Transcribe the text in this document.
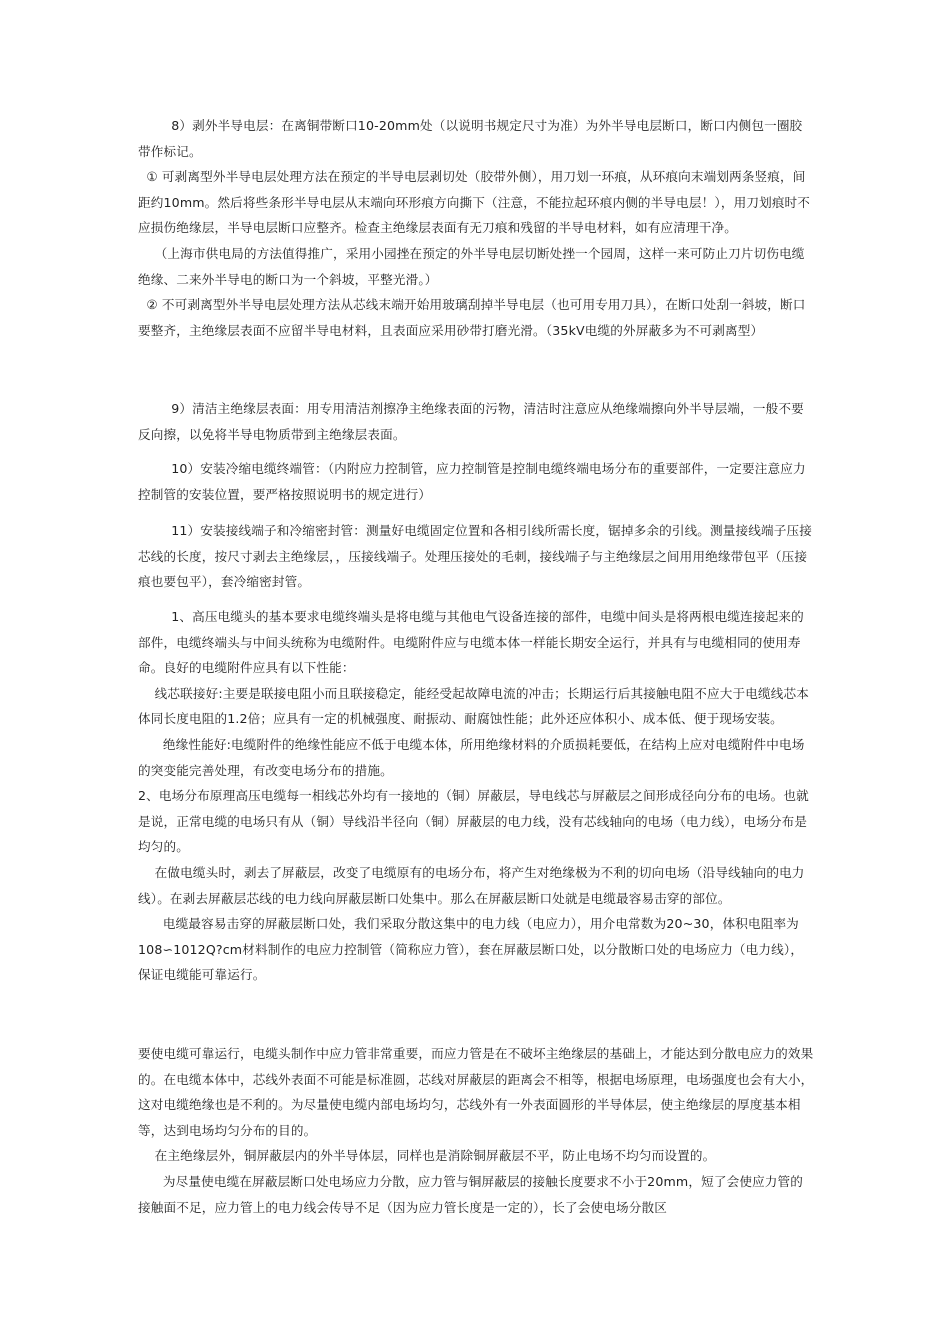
8）剥外半导电层：在离铜带断口10-20mm处（以说明书规定尺寸为准）为外半导电层断口，断口内侧包一圈胶带作标记。

① 可剥离型外半导电层处理方法在预定的半导电层剥切处（胶带外侧），用刀划一环痕，从环痕向末端划两条竖痕，间距约10mm。然后将些条形半导电层从末端向环形痕方向撕下（注意，不能拉起环痕内侧的半导电层！），用刀划痕时不应损伤绝缘层，半导电层断口应整齐。检查主绝缘层表面有无刀痕和残留的半导电材料，如有应清理干净。

（上海市供电局的方法值得推广，采用小园挫在预定的外半导电层切断处挫一个园周，这样一来可防止刀片切伤电缆绝缘、二来外半导电的断口为一个斜坡，平整光滑。）

② 不可剥离型外半导电层处理方法从芯线末端开始用玻璃刮掉半导电层（也可用专用刀具），在断口处刮一斜坡，断口要整齐，主绝缘层表面不应留半导电材料，且表面应采用砂带打磨光滑。（35kV电缆的外屏蔽多为不可剥离型）

9）清洁主绝缘层表面：用专用清洁剂擦净主绝缘表面的污物，清洁时注意应从绝缘端擦向外半导层端，一般不要反向擦，以免将半导电物质带到主绝缘层表面。

10）安装冷缩电缆终端管：（内附应力控制管，应力控制管是控制电缆终端电场分布的重要部件，一定要注意应力控制管的安装位置，要严格按照说明书的规定进行）

11）安装接线端子和冷缩密封管：测量好电缆固定位置和各相引线所需长度，锯掉多余的引线。测量接线端子压接芯线的长度，按尺寸剥去主绝缘层，，压接线端子。处理压接处的毛刺，接线端子与主绝缘层之间用用绝缘带包平（压接痕也要包平），套冷缩密封管。

1、高压电缆头的基本要求电缆终端头是将电缆与其他电气设备连接的部件，电缆中间头是将两根电缆连接起来的部件，电缆终端头与中间头统称为电缆附件。电缆附件应与电缆本体一样能长期安全运行，并具有与电缆相同的使用寿命。良好的电缆附件应具有以下性能：

线芯联接好:主要是联接电阻小而且联接稳定，能经受起故障电流的冲击；长期运行后其接触电阻不应大于电缆线芯本体同长度电阻的1.2倍；应具有一定的机械强度、耐振动、耐腐蚀性能；此外还应体积小、成本低、便于现场安装。

绝缘性能好:电缆附件的绝缘性能应不低于电缆本体，所用绝缘材料的介质损耗要低，在结构上应对电缆附件中电场的突变能完善处理，有改变电场分布的措施。

2、电场分布原理高压电缆每一相线芯外均有一接地的（铜）屏蔽层，导电线芯与屏蔽层之间形成径向分布的电场。也就是说，正常电缆的电场只有从（铜）导线沿半径向（铜）屏蔽层的电力线，没有芯线轴向的电场（电力线），电场分布是均匀的。

在做电缆头时，剥去了屏蔽层，改变了电缆原有的电场分布，将产生对绝缘极为不利的切向电场（沿导线轴向的电力线）。在剥去屏蔽层芯线的电力线向屏蔽层断口处集中。那么在屏蔽层断口处就是电缆最容易击穿的部位。

电缆最容易击穿的屏蔽层断口处，我们采取分散这集中的电力线（电应力），用介电常数为20~30，体积电阻率为108∽1012Q?cm材料制作的电应力控制管（简称应力管），套在屏蔽层断口处，以分散断口处的电场应力（电力线），保证电缆能可靠运行。

要使电缆可靠运行，电缆头制作中应力管非常重要，而应力管是在不破坏主绝缘层的基础上，才能达到分散电应力的效果的。在电缆本体中，芯线外表面不可能是标准圆，芯线对屏蔽层的距离会不相等，根据电场原理，电场强度也会有大小，这对电缆绝缘也是不利的。为尽量使电缆内部电场均匀，芯线外有一外表面圆形的半导体层，使主绝缘层的厚度基本相等，达到电场均匀分布的目的。

在主绝缘层外，铜屏蔽层内的外半导体层，同样也是消除铜屏蔽层不平，防止电场不均匀而设置的。

为尽量使电缆在屏蔽层断口处电场应力分散，应力管与铜屏蔽层的接触长度要求不小于20mm，短了会使应力管的接触面不足，应力管上的电力线会传导不足（因为应力管长度是一定的），长了会使电场分散区
